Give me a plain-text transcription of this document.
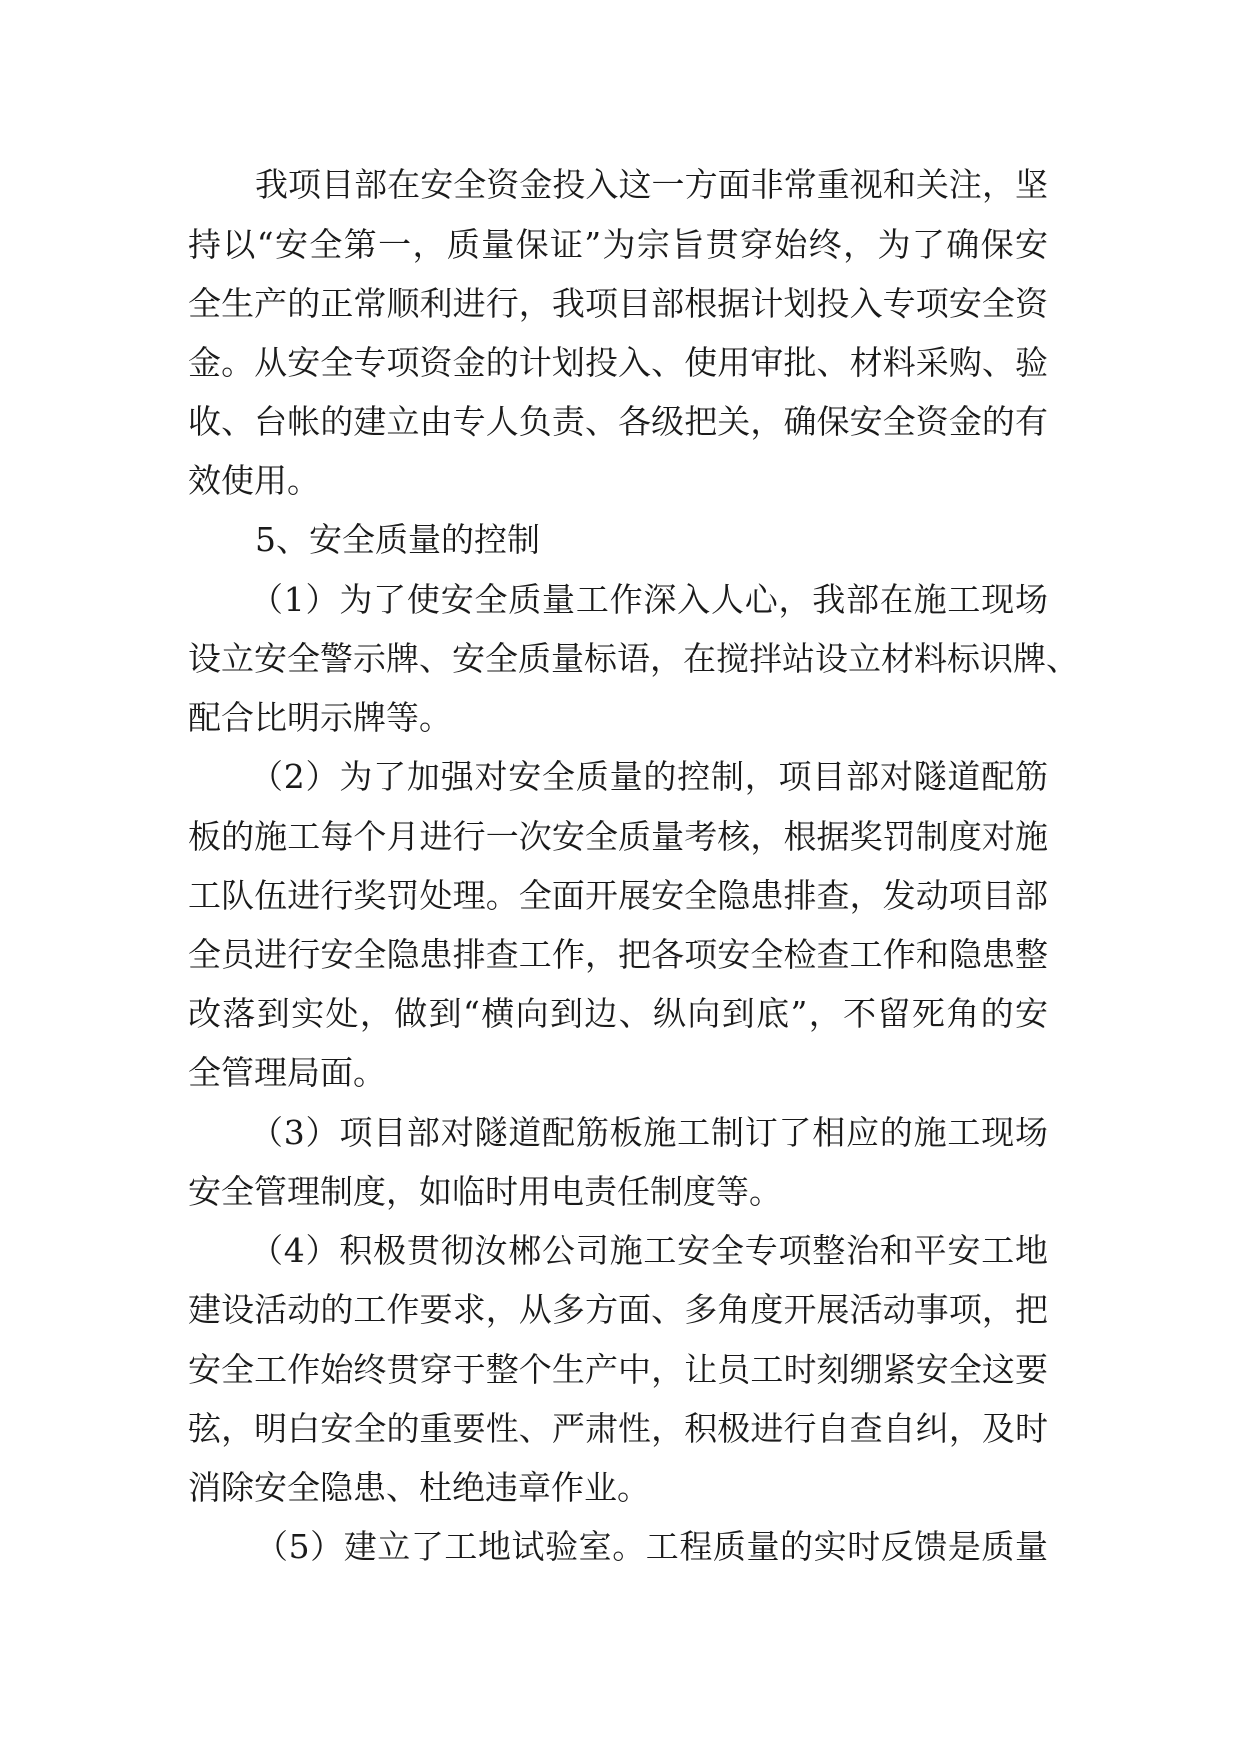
我项目部在安全资金投入这一方面非常重视和关注，坚
持以“安全第一，质量保证”为宗旨贯穿始终，为了确保安
全生产的正常顺利进行，我项目部根据计划投入专项安全资
金。从安全专项资金的计划投入、使用审批、材料采购、验
收、台帐的建立由专人负责、各级把关，确保安全资金的有
效使用。
5、安全质量的控制
（1）为了使安全质量工作深入人心，我部在施工现场
设立安全警示牌、安全质量标语，在搅拌站设立材料标识牌、
配合比明示牌等。
（2）为了加强对安全质量的控制，项目部对隧道配筋
板的施工每个月进行一次安全质量考核，根据奖罚制度对施
工队伍进行奖罚处理。全面开展安全隐患排查，发动项目部
全员进行安全隐患排查工作，把各项安全检查工作和隐患整
改落到实处，做到“横向到边、纵向到底”，不留死角的安
全管理局面。
（3）项目部对隧道配筋板施工制订了相应的施工现场
安全管理制度，如临时用电责任制度等。
（4）积极贯彻汝郴公司施工安全专项整治和平安工地
建设活动的工作要求，从多方面、多角度开展活动事项，把
安全工作始终贯穿于整个生产中，让员工时刻绷紧安全这要
弦，明白安全的重要性、严肃性，积极进行自查自纠，及时
消除安全隐患、杜绝违章作业。
（5）建立了工地试验室。工程质量的实时反馈是质量
